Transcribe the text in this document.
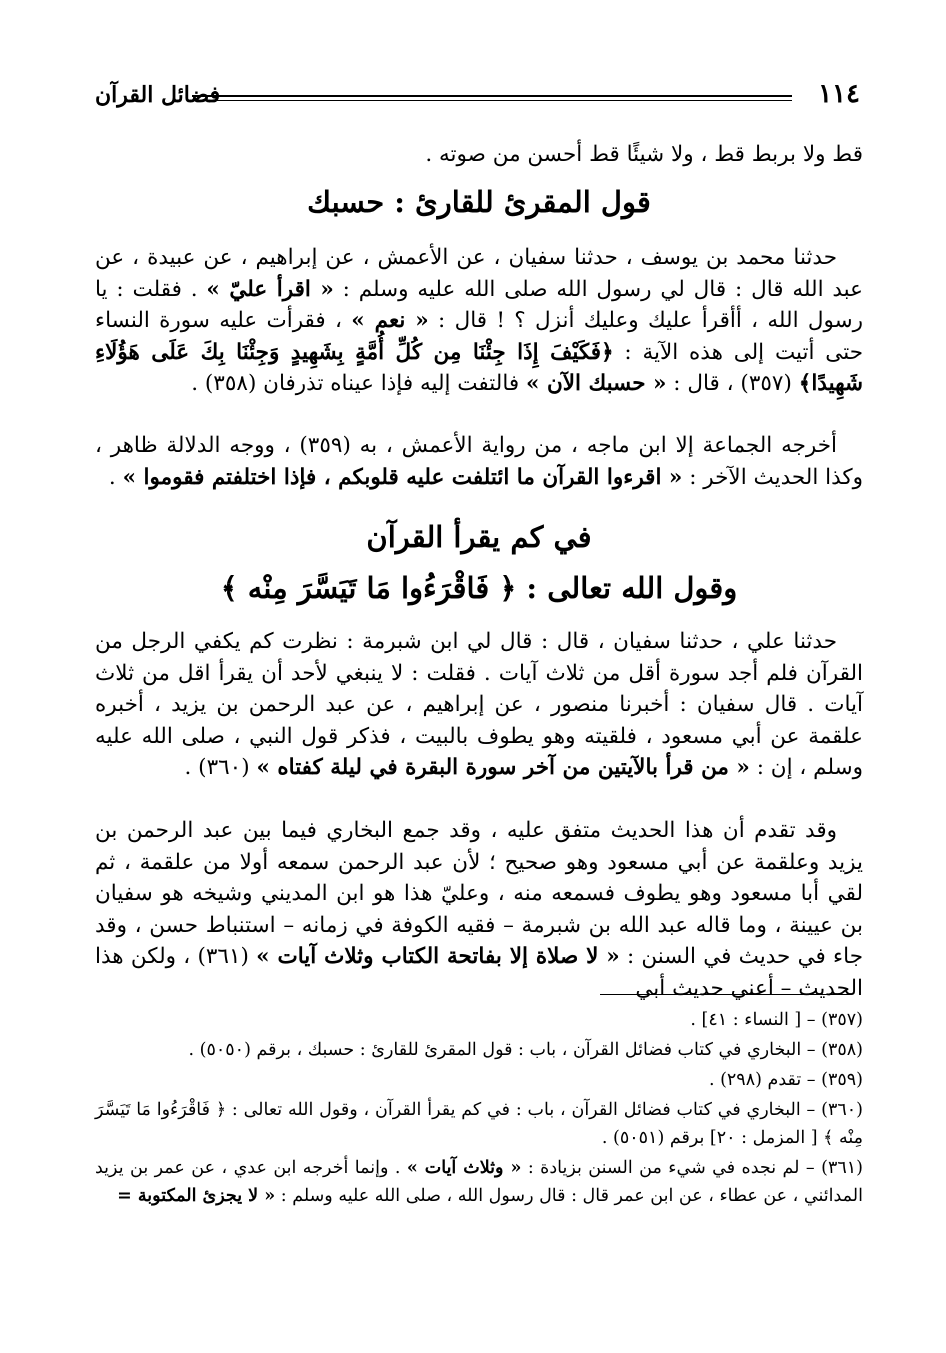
١١٤
فضائل القرآن
قط ولا بربط قط ، ولا شيئًا قط أحسن من صوته .
قول المقرئ للقارئ : حسبك
حدثنا محمد بن يوسف ، حدثنا سفيان ، عن الأعمش ، عن إبراهيم ، عن عبيدة ، عن عبد الله قال : قال لي رسول الله صلى الله عليه وسلم : « اقرأ عليّ » . فقلت : يا رسول الله ، أأقرأ عليك وعليك أنزل ؟ ! قال : « نعم » ، فقرأت عليه سورة النساء حتى أتيت إلى هذه الآية : ﴿فَكَيْفَ إِذَا جِئْنَا مِن كُلِّ أُمَّةٍ بِشَهِيدٍ وَجِئْنَا بِكَ عَلَى هَؤُلَاءِ شَهِيدًا﴾ (٣٥٧) ، قال : « حسبك الآن » فالتفت إليه فإذا عيناه تذرفان (٣٥٨) .
أخرجه الجماعة إلا ابن ماجه ، من رواية الأعمش ، به (٣٥٩) ، ووجه الدلالة ظاهر ، وكذا الحديث الآخر : « اقرءوا القرآن ما ائتلفت عليه قلوبكم ، فإذا اختلفتم فقوموا » .
في كم يقرأ القرآن
وقول الله تعالى : ﴿ فَاقْرَءُوا مَا تَيَسَّرَ مِنْه ﴾
حدثنا علي ، حدثنا سفيان ، قال : قال لي ابن شبرمة : نظرت كم يكفي الرجل من القرآن فلم أجد سورة أقل من ثلاث آيات . فقلت : لا ينبغي لأحد أن يقرأ اقل من ثلاث آيات . قال سفيان : أخبرنا منصور ، عن إبراهيم ، عن عبد الرحمن بن يزيد ، أخبره علقمة عن أبي مسعود ، فلقيته وهو يطوف بالبيت ، فذكر قول النبي ، صلى الله عليه وسلم ، إن : « من قرأ بالآيتين من آخر سورة البقرة في ليلة كفتاه » (٣٦٠) .
وقد تقدم أن هذا الحديث متفق عليه ، وقد جمع البخاري فيما بين عبد الرحمن بن يزيد وعلقمة عن أبي مسعود وهو صحيح ؛ لأن عبد الرحمن سمعه أولا من علقمة ، ثم لقي أبا مسعود وهو يطوف فسمعه منه ، وعليّ هذا هو ابن المديني وشيخه هو سفيان بن عيينة ، وما قاله عبد الله بن شبرمة – فقيه الكوفة في زمانه – استنباط حسن ، وقد جاء في حديث في السنن : « لا صلاة إلا بفاتحة الكتاب وثلاث آيات » (٣٦١) ، ولكن هذا الحديث – أعني حديث أبي

(٣٥٧) – [ النساء : ٤١] .

(٣٥٨) – البخاري في كتاب فضائل القرآن ، باب : قول المقرئ للقارئ : حسبك ، برقم (٥٠٥٠) .

(٣٥٩) – تقدم (٢٩٨) .

(٣٦٠) – البخاري في كتاب فضائل القرآن ، باب : في كم يقرأ القرآن ، وقول الله تعالى : ﴿ فَاقْرَءُوا مَا تَيَسَّرَ مِنْه ﴾ [ المزمل : ٢٠] برقم (٥٠٥١) .

(٣٦١) – لم نجده في شيء من السنن بزيادة : « وثلاث آيات » . وإنما أخرجه ابن عدي ، عن عمر بن يزيد المدائني ، عن عطاء ، عن ابن عمر قال : قال رسول الله ، صلى الله عليه وسلم : « لا يجزئ المكتوبة =
